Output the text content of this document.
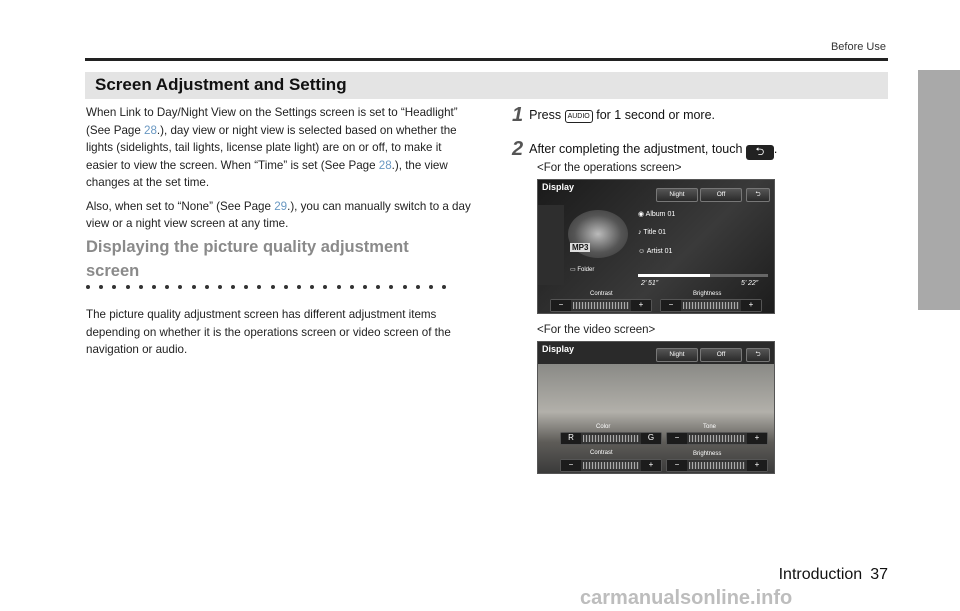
Before Use
Screen Adjustment and Setting

When Link to Day/Night View on the Settings screen is set to “Headlight” (See Page 28.), day view or night view is selected based on whether the lights (sidelights, tail lights, license plate light) are on or off, to make it easier to view the screen. When “Time” is set (See Page 28.), the view changes at the set time.

Also, when set to “None” (See Page 29.), you can manually switch to a day view or a night view screen at any time.

Displaying the picture quality adjustment screen
The picture quality adjustment screen has different adjustment items depending on whether it is the operations screen or video screen of the navigation or audio.
1 Press AUDIO for 1 second or more.
2 After completing the adjustment, touch ⮌ .
<For the operations screen>
Display
Night	Off	⮌
MP3
◉ Album 01
♪ Title 01
☺ Artist 01
▭ Folder
2’ 51”	5’ 22”
Contrast	Brightness
−	+	−	+
<For the video screen>
Display
Night	Off	⮌
Color	Tone
R	G	−	+
Contrast	Brightness
−	+	−	+
Introduction 37
carmanualsonline.info
